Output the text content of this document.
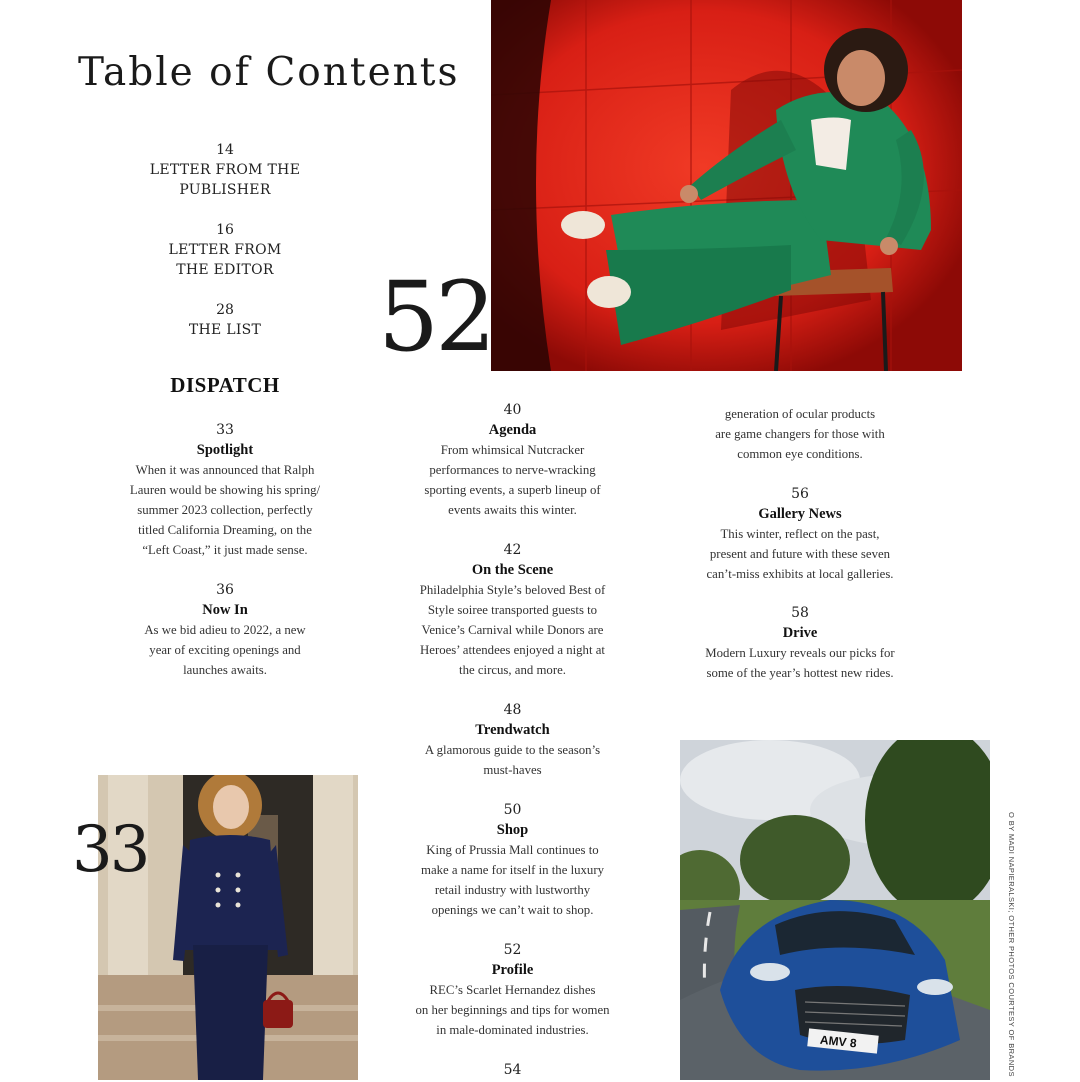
Table of Contents
14
LETTER FROM THE
PUBLISHER
16
LETTER FROM
THE EDITOR
28
THE LIST
DISPATCH
33
Spotlight
When it was announced that Ralph
Lauren would be showing his spring/
summer 2023 collection, perfectly
titled California Dreaming, on the
“Left Coast,” it just made sense.
36
Now In
As we bid adieu to 2022, a new
year of exciting openings and
launches awaits.
40
Agenda
From whimsical Nutcracker
performances to nerve-wracking
sporting events, a superb lineup of
events awaits this winter.
42
On the Scene
Philadelphia Style’s beloved Best of
Style soiree transported guests to
Venice’s Carnival while Donors are
Heroes’ attendees enjoyed a night at
the circus, and more.
48
Trendwatch
A glamorous guide to the season’s
must-haves
50
Shop
King of Prussia Mall continues to
make a name for itself in the luxury
retail industry with lustworthy
openings we can’t wait to shop.
52
Profile
REC’s Scarlet Hernandez dishes
on her beginnings and tips for women
in male-dominated industries.
54
generation of ocular products
are game changers for those with
common eye conditions.
56
Gallery News
This winter, reflect on the past,
present and future with these seven
can’t-miss exhibits at local galleries.
58
Drive
Modern Luxury reveals our picks for
some of the year’s hottest new rides.
52
33
AMV 8	O BY MADI NAPIERALSKI; OTHER PHOTOS COURTESY OF BRANDS
